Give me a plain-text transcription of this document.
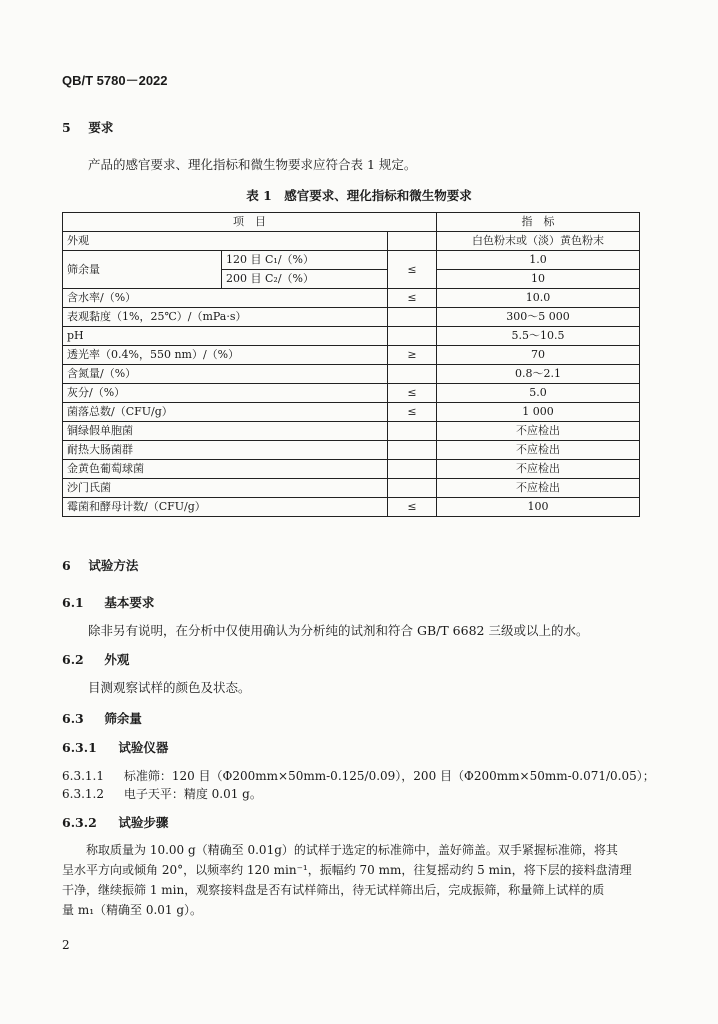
QB/T 5780－2022
5 要求
产品的感官要求、理化指标和微生物要求应符合表 1 规定。
表 1　感官要求、理化指标和微生物要求
项　目			指　标
外观			白色粉末或（淡）黄色粉末
筛余量	120 目 C₁/（%）	≤	1.0
	200 目 C₂/（%）		10
含水率/（%）		≤	10.0
表观黏度（1%，25℃）/（mPa·s）			300～5 000
pH			5.5～10.5
透光率（0.4%，550 nm）/（%）		≥	70
含氮量/（%）			0.8～2.1
灰分/（%）		≤	5.0
菌落总数/（CFU/g）		≤	1 000
铜绿假单胞菌			不应检出
耐热大肠菌群			不应检出
金黄色葡萄球菌			不应检出
沙门氏菌			不应检出
霉菌和酵母计数/（CFU/g）		≤	100
6 试验方法
6.1 基本要求
除非另有说明，在分析中仅使用确认为分析纯的试剂和符合 GB/T 6682 三级或以上的水。
6.2 外观
目测观察试样的颜色及状态。
6.3 筛余量
6.3.1 试验仪器
6.3.1.1 标准筛：120 目（Φ200mm×50mm-0.125/0.09），200 目（Φ200mm×50mm-0.071/0.05）；
6.3.1.2 电子天平：精度 0.01 g。
6.3.2 试验步骤
称取质量为 10.00 g（精确至 0.01g）的试样于选定的标准筛中，盖好筛盖。双手紧握标准筛，将其
呈水平方向或倾角 20°，以频率约 120 min⁻¹，振幅约 70 mm，往复摇动约 5 min，将下层的接料盘清理
干净，继续振筛 1 min，观察接料盘是否有试样筛出，待无试样筛出后，完成振筛，称量筛上试样的质
量 m₁（精确至 0.01 g）。
2
